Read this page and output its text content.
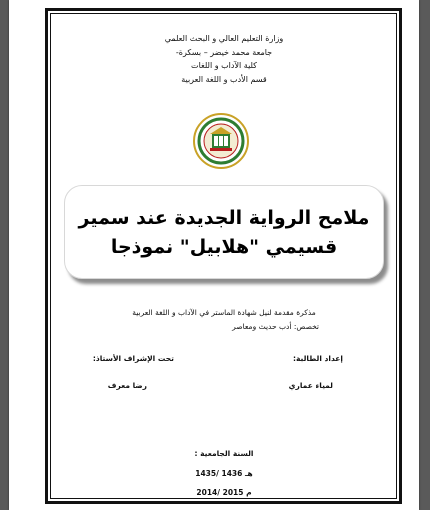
وزارة التعليم العالي و البحث العلمي
جامعة محمد خيضر – بسكرة-
كلية الآداب و اللغات
قسم الأدب و اللغة العربية
ملامح الرواية الجديدة عند سمير
قسيمي "هلابيل" نموذجا
مذكرة مقدمة لنيل شهادة الماستر في الآداب و اللغة العربية
تخصص: أدب حديث ومعاصر
إعداد الطالبة:
تحت الإشراف الأستاذ:
لمياء عماري
رضا معرف
السنة الجامعية :
1435/ 1436 هـ
2014/ 2015 م
